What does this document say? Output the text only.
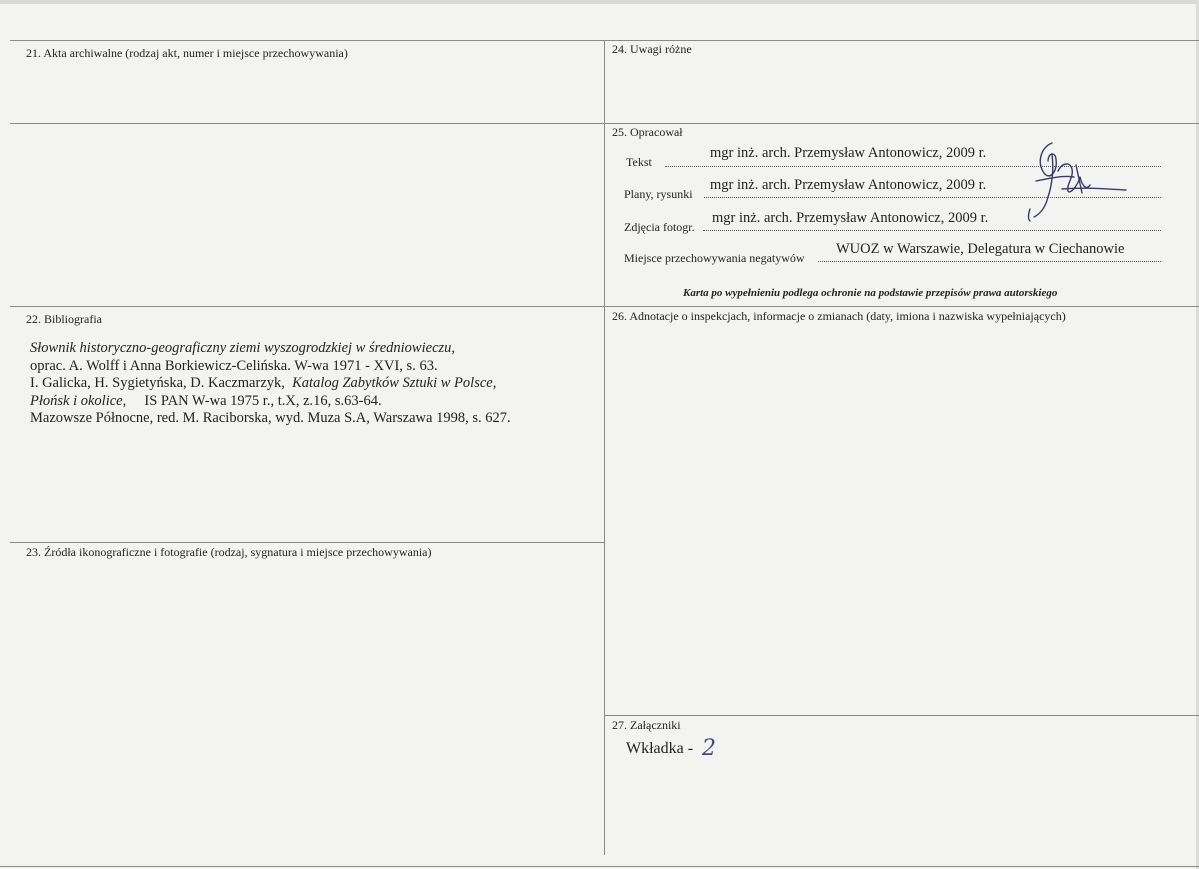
21. Akta archiwalne (rodzaj akt, numer i miejsce przechowywania)	24. Uwagi różne
25. Opracował
Tekst
mgr inż. arch. Przemysław Antonowicz, 2009 r.
Plany, rysunki
mgr inż. arch. Przemysław Antonowicz, 2009 r.
Zdjęcia fotogr.
mgr inż. arch. Przemysław Antonowicz, 2009 r.
Miejsce przechowywania negatywów
WUOZ w Warszawie, Delegatura w Ciechanowie
Karta po wypełnieniu podlega ochronie na podstawie przepisów prawa autorskiego
22. Bibliografia
Słownik historyczno-geograficzny ziemi wyszogrodzkiej w średniowieczu,
oprac. A. Wolff i Anna Borkiewicz-Celińska. W-wa 1971 - XVI, s. 63.
I. Galicka, H. Sygietyńska, D. Kaczmarzyk, Katalog Zabytków Sztuki w Polsce,
Płońsk i okolice, IS PAN W-wa 1975 r., t.X, z.16, s.63-64.
Mazowsze Północne, red. M. Raciborska, wyd. Muza S.A, Warszawa 1998, s. 627.
26. Adnotacje o inspekcjach, informacje o zmianach (daty, imiona i nazwiska wypełniających)
23. Źródła ikonograficzne i fotografie (rodzaj, sygnatura i miejsce przechowywania)
27. Załączniki
Wkładka - 2
